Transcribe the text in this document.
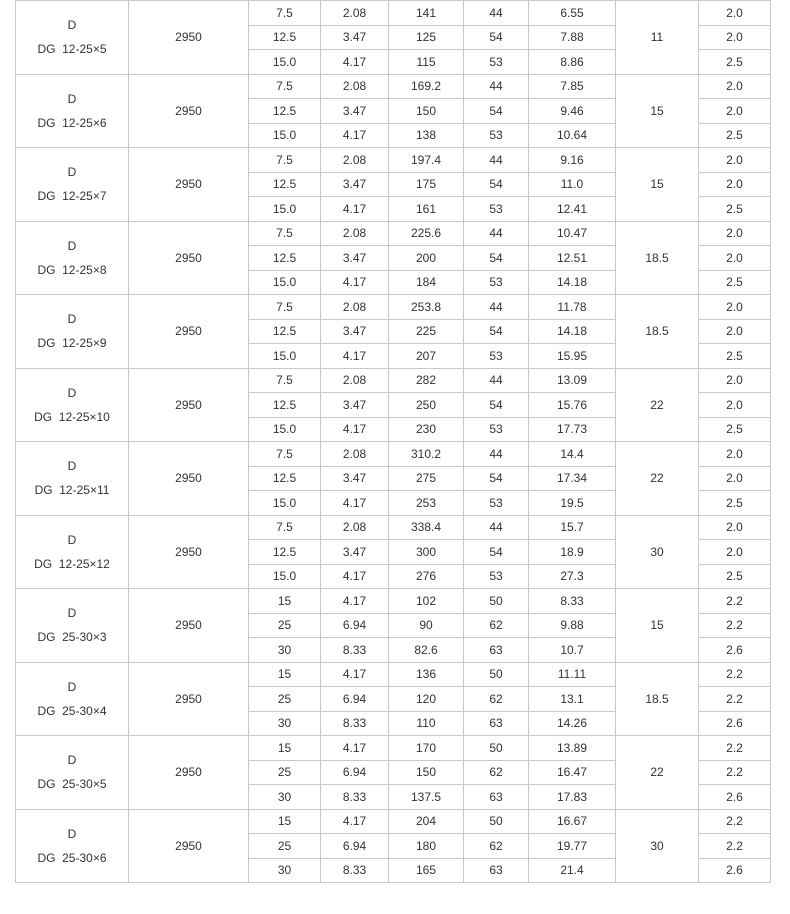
D
DG  12-25×5	2950	7.5	2.08	141	44	6.55	11	2.0
		12.5	3.47	125	54	7.88		2.0
		15.0	4.17	115	53	8.86		2.5

D
DG  12-25×6	2950	7.5	2.08	169.2	44	7.85	15	2.0
		12.5	3.47	150	54	9.46		2.0
		15.0	4.17	138	53	10.64		2.5

D
DG  12-25×7	2950	7.5	2.08	197.4	44	9.16	15	2.0
		12.5	3.47	175	54	11.0		2.0
		15.0	4.17	161	53	12.41		2.5

D
DG  12-25×8	2950	7.5	2.08	225.6	44	10.47	18.5	2.0
		12.5	3.47	200	54	12.51		2.0
		15.0	4.17	184	53	14.18		2.5

D
DG  12-25×9	2950	7.5	2.08	253.8	44	11.78	18.5	2.0
		12.5	3.47	225	54	14.18		2.0
		15.0	4.17	207	53	15.95		2.5

D
DG  12-25×10	2950	7.5	2.08	282	44	13.09	22	2.0
		12.5	3.47	250	54	15.76		2.0
		15.0	4.17	230	53	17.73		2.5

D
DG  12-25×11	2950	7.5	2.08	310.2	44	14.4	22	2.0
		12.5	3.47	275	54	17.34		2.0
		15.0	4.17	253	53	19.5		2.5

D
DG  12-25×12	2950	7.5	2.08	338.4	44	15.7	30	2.0
		12.5	3.47	300	54	18.9		2.0
		15.0	4.17	276	53	27.3		2.5

D
DG  25-30×3	2950	15	4.17	102	50	8.33	15	2.2
		25	6.94	90	62	9.88		2.2
		30	8.33	82.6	63	10.7		2.6

D
DG  25-30×4	2950	15	4.17	136	50	11.11	18.5	2.2
		25	6.94	120	62	13.1		2.2
		30	8.33	110	63	14.26		2.6

D
DG  25-30×5	2950	15	4.17	170	50	13.89	22	2.2
		25	6.94	150	62	16.47		2.2
		30	8.33	137.5	63	17.83		2.6

D
DG  25-30×6	2950	15	4.17	204	50	16.67	30	2.2
		25	6.94	180	62	19.77		2.2
		30	8.33	165	63	21.4		2.6
